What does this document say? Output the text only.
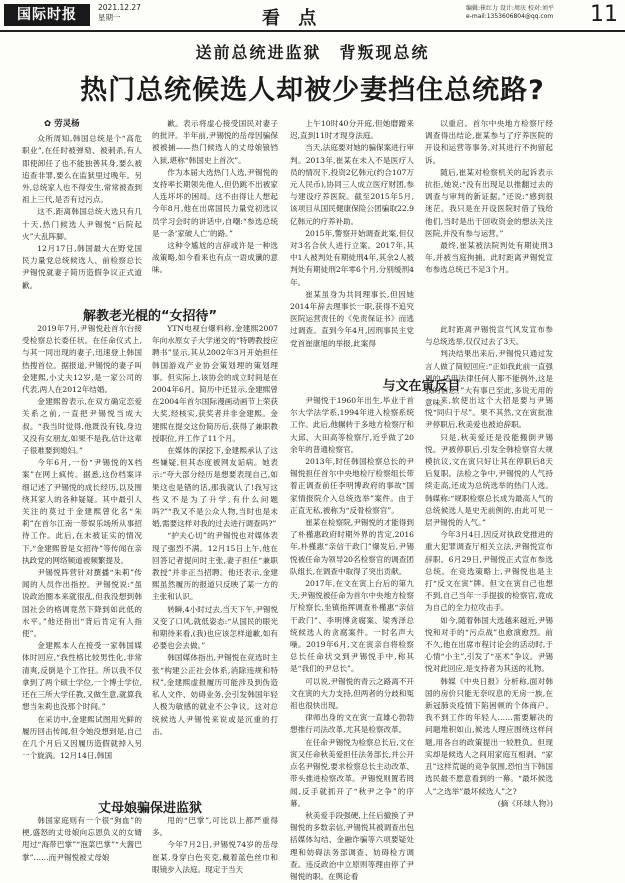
国际时报	2021.12.27
星期一	看 点	编辑:崔红力 设计:周庆 校对:刘平
e-mail:1353606804@qq.com 11
送前总统进监狱　背叛现总统
热门总统候选人却被少妻挡住总统路?

✿ 劳灵杨

众所周知,韩国总统是个“高危职业”,在任时被弹劾、被刺杀,有人即使卸任了也不能独善其身,要么被追查非罪,要么在监狱里过晚年。另外,总统家人也不得安生,常常被查到祖上三代,是否有过污点。

这不,距离韩国总统大选只有几十天,热门候选人尹锡悦“后院起火”大乱阵脚。

12月17日,韩国最大在野党国民力量党总统候选人、前检察总长尹锡悦就妻子简历造假争议正式道歉。

歉。表示将虚心接受国民对妻子的批评。半年前,尹锡悦的岳母因骗保被被捕——热门候选人的丈母娘锒铛入狱,堪称“韩国史上首次”。

作为本届大选热门人选,尹锡悦的支持率长期领先他人,但仍跳不出被家人连坏坏的困局。这不由得让人想起今年8月,他在出席国民力量党初选议员学习会时的讲话中,自嘲:“参选总统是一条‘家破人亡’的路。”

这种令尴尬的言辞或许是一种选战策略,如今看来也有点一语成谶的意味。

解教老光棍的“女招待”

2019年7月,尹锡悦赴首尔台接受检察总长委任状。在任命仪式上,与其一同出现的妻子,迅速登上韩国热搜首位。据报道,尹锡悦的妻子叫金建熙,小丈夫12岁,是一家公司的代表,两人在2012年结婚。

金建熙曾表示,在双方确定恋爱关系之前,一直把尹锡悦当成大叔。“我当时觉得,他既没有钱,身边又没有女朋友,如果不是我,估计这辈子很难要到媳妇。”

今年6月,一份“尹锡悦的X档案”在网上疯传。据悉,这份档案详细记述了尹锡悦的成长经历,以及围绕其家人的各种疑疑。其中最引人关注的莫过于金建熙曾化名“朱莉”在首尔江南一带娱乐场所从事招待工作。此后,在未被证实的情况下,“金建熙曾是女招待”等传闻在亲执政党的网络频道被频繁提及。

尹锡悦阵营针对撰播“朱莉”传闻的人员作出指控。尹锡悦说:“虽说政治圈本来就很乱,但我没想到韩国社会的格调竟然下降到如此低的水平。”他还指出“背后肯定有人指使”。

金建熙本人在接受一家韩国媒体时回应,“我性格比较男性化,非常清爽,反倒是个工作狂。所以我不仅拿到了两个硕士学位,一个博士学位,还在三所大学任教,又做生意,就算我想当朱莉也没那个时间。”

在采访中,金建熙试图用光鲜的履历回击传闻,但令她没想到是,自己在几个月后又因履历造假就掉入另一个旋涡。12月14日,韩国

YTN电视台爆料称,金建熙2007年向水原女子大学递交的“特聘教授应聘书”显示,其从2002年3月开始担任韩国游戏产业协会策划理的策划理事。但实际上,该协会的成立时间是在2004年6月。简历中还显示,金建熙曾在2004年首尔国际漫画动画节上荣获大奖,经核实,获奖者并非金建熙。金建熙在提交这份简历后,获得了兼职教授职位,并工作了11个月。

在媒体的深挖下,金建熙承认了这些嫌疑,但其态度被网友诟病。她表示:“夸大部分经历是想要表现自己,如果这也是错的话,那我就认了!我写这些又不是为了升学,有什么问题吗?”“我又不是公众人物,当时也是未婚,需要这样对我的过去进行调查吗?”

“护夫心切”的尹锡悦也对媒体表现了强烈不满。12月15日上午,他在回答记者提问时主张,妻子担任“兼职教授”并非正当招聘。他还表示,金建熙虽然履历的报道只反映了某一方的主张和认识。

转瞬,4小时过去,当天下午,尹锡悦又变了口风,就低姿态:“从国民的眼光和期待来看,(我)也应该怎样道歉,如有必要也会去做。”

韩国媒体指出,尹锡悦在竞选时主张“构建公正社会体系,消除违规和特权”,金建熙虚报履历可能涉及到伪造私人文件、妨碍业务,会引发韩国年轻人极为敏感的就业不公争议。这对总统候选人尹锡悦来说或是沉重的打击。

丈母娘骗保进监狱

韩国家庭则有一个很“狗血”的梗,盛怒的丈母娘向忘恩负义的女婿甩过“海带巴掌”“泡菜巴掌”“大酱巴掌”……而尹锡悦被丈母娘

甩的“巴掌”,可比以上都严重得多。

今年7月2日,尹锡悦74岁的岳母崔某,身穿白色夹克,戴着蓝色丝巾和眼镜步入法庭。现定于当天

上午10时40分开庭,但她磨蹭来迟,直到11时才现身法庭。

当天,法庭要对她的骗保案进行审判。2013年,崔某在未入不是医疗人员的情况下,投资2亿韩元(约合107万元人民币),协同三人成立医疗财团,参与建设疗养医院。截至2015年5月,该项目从国民健康保险公团骗取22.9亿韩元的疗养补助。

2015年,警察开始调查此案,但仅对3名合伙人进行立案。2017年,其中1人被判处有期徒刑4年,其余2人被判处有期徒刑2年零6个月,分别缓刑4年。

崔某虽身为共同理事长,但因她2014年辞去理事长一职,获得不追究医院运营责任的《免责保证书》而逃过调查。直到今年4月,因刑事民主党党首崔康旭的举报,此案得

以重启。首尔中央地方检察厅经调查得出结论,崔某参与了疗养医院的开设和运营等事务,对其进行不拘留起诉。

随后,崔某对检察机关的起诉表示抗拒,她说:“没有出现足以推翻过去的调查与审判的新证据。”还说:“感到很迷茫。我只是在开设医院时借了钱给他们,当时是出于回收资金的想法关注医院,并没有参与运营。”

最终,崔某被法院判处有期徒刑3年,并被当庭拘捕。此时距离尹锡悦宣布参选总统已不足3个月。

此时距离尹锡悦宣气风发宣布参与总统选举,仅仅过去了3天。

判决结果出来后,尹锡悦只通过发言人做了简短回应:“正如我此前一直强调的,适用法律任何人都不能例外,这是我的信念。”大有事已至此,多说无用的意味。

与文在寅反目

尹锡悦于1960年出生,毕业于首尔大学法学系,1994年进入检察系统工作。此后,他辗转于多地方检察厅和大邱、大田高等检察厅,近乎做了20余年的普通检察官。

2013年,时任韩国检察总长的尹锡悦担任首尔中央地检厅检察组长带着正调查前任李明博政府的事故“国家情报院介入总统选举”案件。由于正直无私,被称为“反骨检察官”。

崔某在检察院,尹锡悦的才能得到了朴槿惠政府时期外界的肯定,2016年,朴槿惠“亲信干政门”爆发后,尹锡悦被任命为领导20名检察官的调查团队组长,在调查中取得了突出贡献。

2017年,在文在寅上台后的第九天,尹锡悦被任命为首尔中央地方检察厅检察长,坐镇指挥调查朴槿惠“亲信干政门”、李明博贪腐案、梁秀泽总统候选人的贪腐案件。一时名声大噪。2019年6月,文在寅亲自将检察总长任命状交到尹锡悦手中,称其是“我们的尹总长”。

可以说,尹锡悦的青云之路离不开文在寅的大力支持,但两者的分歧和冤祖也很快出现。

律师出身的文在寅一直雄心勃勃想推行司法改革,尤其是检察改革。

在任命尹锡悦为检察总长后,文在寅又任命秋美爱担任法务部长,并公开点名尹锡悦,要求检察总长主动改革、带头推进检察改革。尹锡悦则置若罔闻,反手就抓开了“秋尹之争”的序幕。

秋美爱手段强硬,上任后撤换了尹锡悦的多数亲信,尹锡悦其被调查出包括媒体勾结、金融诈骗等六项要疑处理和妨碍法务部调查、妨碍检方调查。违反政治中立原则等理由停了尹锡悦的职。在舆论看

来,软使出这个大招是要与尹锡悦“同归于尽”。果不其然,文在寅批准尹停职后,秋美爱也被迫辞职。

只是,秋美爱还是没能搬倒尹锡悦。尹被停职后,引发全韩检察官大规模抗议,文在寅只好让其在停职后8天后复职。法检之争中,尹锡悦的人气持续走高,还成为总统选举的热门人选。韩媒称:“规职检察总长成为最高人气的总统候选人是史无前例的,由此可见一层尹锡悦的人气。”

今年3月4日,因反对执政党推进的重大犯罪调查厅相关立法,尹锡悦宣布辞职。6月29日,尹锡悦正式宣布参选总统。在竞选策略上,尹锡悦也是主打“反文在寅”牌。但文在寅自己也想不到,自己当年一手提拔的检察官,竟成为自己的全力拉攻击手。

如今,随着韩国大选越来越近,尹锡悦和对手的“污点战”也愈演愈烈。前不久,他在出席市程讨论会的活动时,于心情“小主”,引发了“巫术”争议。尹锡悦对此回应,是支持者为其送的礼物。

韩媒《中央日报》分析称,面对韩国的房价只能无奈叹息的无房一族,在新冠肺炎疫情下陷困顿的个体商户、我不到工作的年轻人……需要解决的问题堆积如山,候选人理应围绕这样问题,用各自的政策提出一较胜负。但现实却是候选人之间用家庭互相剥。“家丑”这样荒诞的竞争氛围,恐怕当下韩国选民最不愿意看到的一幕。“最坏候选人”之选举”最坏候选人”之?

(摘《环球人物》)
